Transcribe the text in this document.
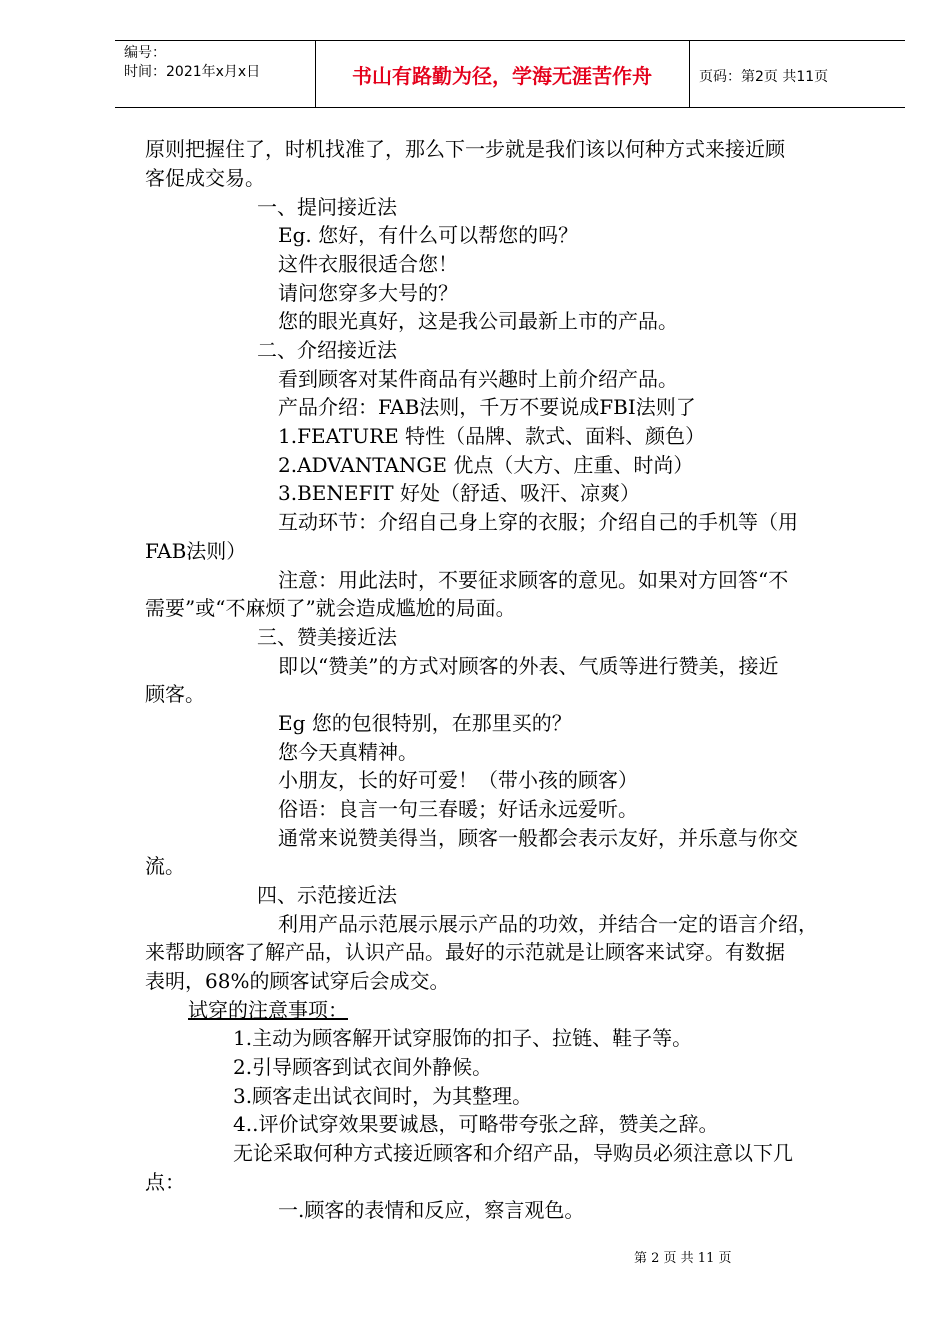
编号：
时间：2021年x月x日	书山有路勤为径，学海无涯苦作舟	页码：第2页 共11页
原则把握住了，时机找准了，那么下一步就是我们该以何种方式来接近顾
客促成交易。
一、提问接近法
Eg. 您好，有什么可以帮您的吗？
这件衣服很适合您！
请问您穿多大号的？
您的眼光真好，这是我公司最新上市的产品。
二、介绍接近法
看到顾客对某件商品有兴趣时上前介绍产品。
产品介绍：FAB法则，千万不要说成FBI法则了
1.FEATURE 特性（品牌、款式、面料、颜色）
2.ADVANTANGE 优点（大方、庄重、时尚）
3.BENEFIT 好处（舒适、吸汗、凉爽）
互动环节：介绍自己身上穿的衣服；介绍自己的手机等（用
FAB法则）
注意：用此法时，不要征求顾客的意见。如果对方回答“不
需要”或“不麻烦了”就会造成尴尬的局面。
三、赞美接近法
即以“赞美”的方式对顾客的外表、气质等进行赞美，接近
顾客。
Eg 您的包很特别，在那里买的？
您今天真精神。
小朋友，长的好可爱！（带小孩的顾客）
俗语：良言一句三春暖；好话永远爱听。
通常来说赞美得当，顾客一般都会表示友好，并乐意与你交
流。
四、示范接近法
利用产品示范展示展示产品的功效，并结合一定的语言介绍，
来帮助顾客了解产品，认识产品。最好的示范就是让顾客来试穿。有数据
表明，68%的顾客试穿后会成交。
试穿的注意事项：
1.主动为顾客解开试穿服饰的扣子、拉链、鞋子等。
2.引导顾客到试衣间外静候。
3.顾客走出试衣间时，为其整理。
4..评价试穿效果要诚恳，可略带夸张之辞，赞美之辞。
无论采取何种方式接近顾客和介绍产品，导购员必须注意以下几
点：
一.顾客的表情和反应，察言观色。
第 2 页 共 11 页
